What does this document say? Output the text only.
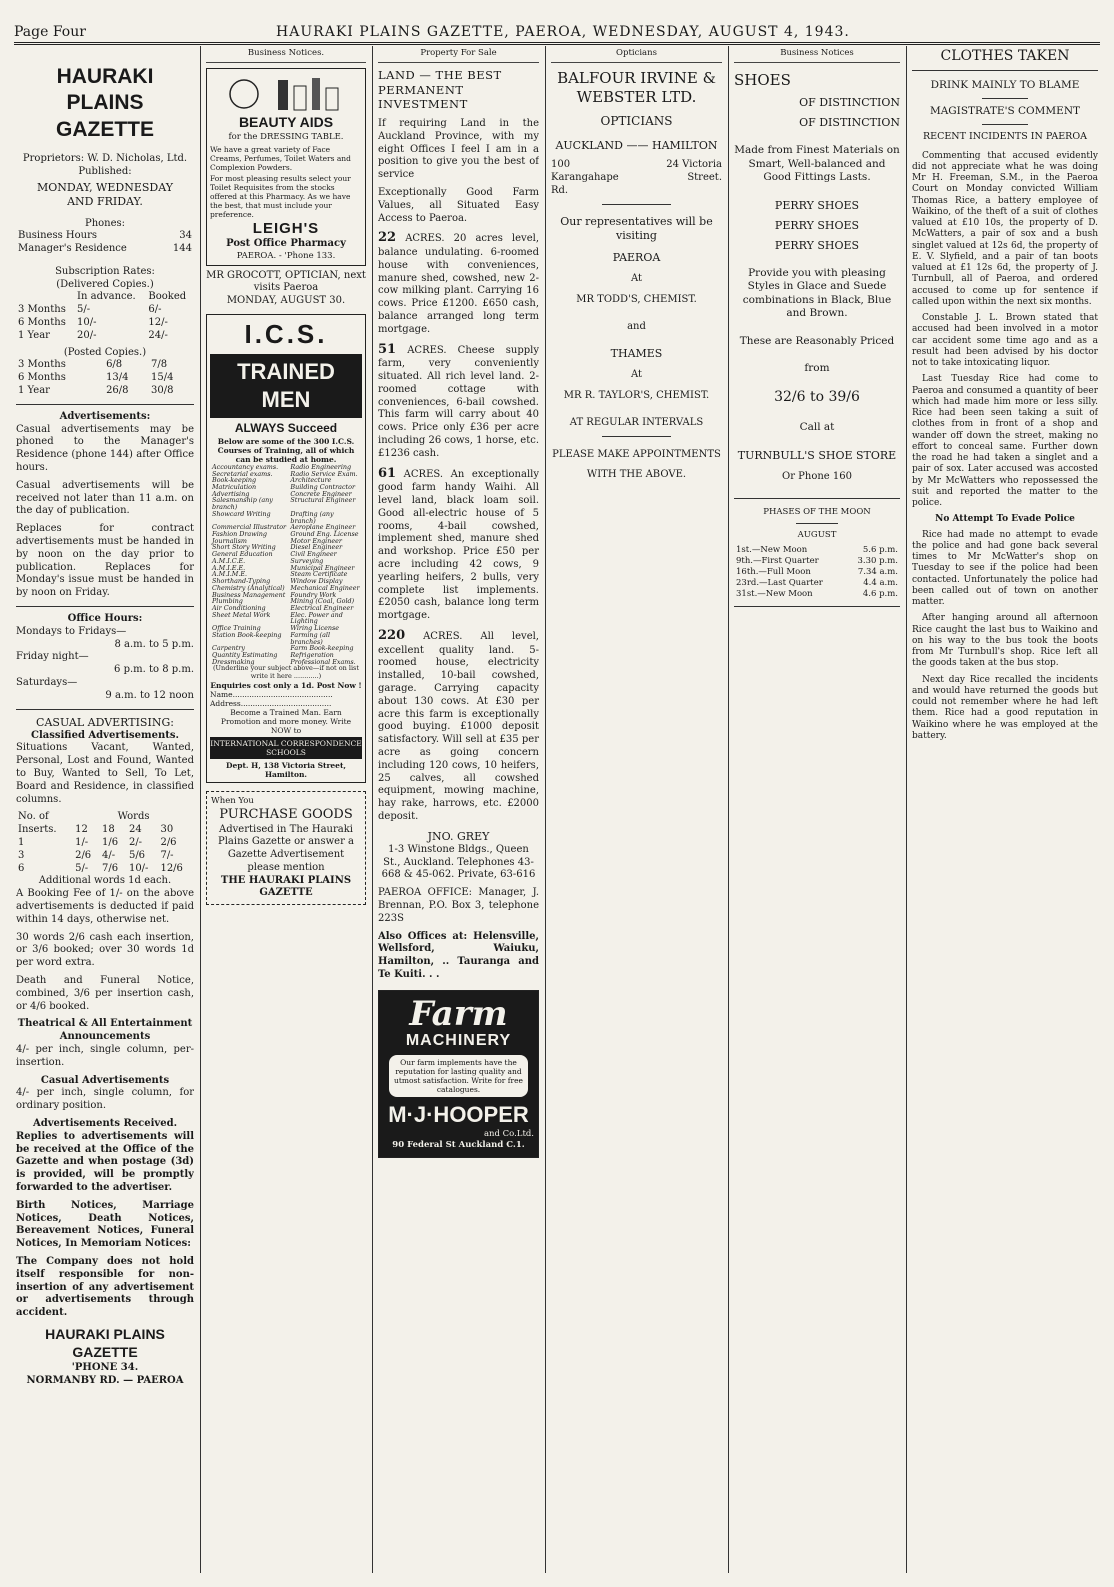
Page Four	HAURAKI PLAINS GAZETTE, PAEROA, WEDNESDAY, AUGUST 4, 1943.
HAURAKI PLAINS GAZETTE
Proprietors: W. D. Nicholas, Ltd.
Published:
MONDAY, WEDNESDAY AND FRIDAY.
Phones:
Business Hours	34
Manager's Residence	144
Subscription Rates:
(Delivered Copies.)
	In advance.	Booked
3 Months	5/-	6/-
6 Months	10/-	12/-
1 Year	20/-	24/-
(Posted Copies.)
3 Months	6/8	7/8
6 Months	13/4	15/4
1 Year	26/8	30/8
Advertisements:

Casual advertisements may be phoned to the Manager's Residence (phone 144) after Office hours.

Casual advertisements will be received not later than 11 a.m. on the day of publication.

Replaces for contract advertisements must be handed in by noon on the day prior to publication. Replaces for Monday's issue must be handed in by noon on Friday.

Office Hours:
Mondays to Fridays—
8 a.m. to 5 p.m.
Friday night—
6 p.m. to 8 p.m.
Saturdays—
9 a.m. to 12 noon
CASUAL ADVERTISING:
Classified Advertisements.

Situations Vacant, Wanted, Personal, Lost and Found, Wanted to Buy, Wanted to Sell, To Let, Board and Residence, in classified columns.

No. of	Words			
Inserts.	12	18	24	30
1	1/-	1/6	2/-	2/6
3	2/6	4/-	5/6	7/-
6	5/-	7/6	10/-	12/6
Additional words 1d each.

A Booking Fee of 1/- on the above advertisements is deducted if paid within 14 days, otherwise net.

30 words 2/6 cash each insertion, or 3/6 booked; over 30 words 1d per word extra.

Death and Funeral Notice, combined, 3/6 per insertion cash, or 4/6 booked.

Theatrical & All Entertainment Announcements

4/- per inch, single column, per-insertion.

Casual Advertisements

4/- per inch, single column, for ordinary position.

Advertisements Received.

Replies to advertisements will be received at the Office of the Gazette and when postage (3d) is provided, will be promptly forwarded to the advertiser.

Birth Notices, Marriage Notices, Death Notices, Bereavement Notices, Funeral Notices, In Memoriam Notices:

The Company does not hold itself responsible for non-insertion of any advertisement or advertisements through accident.

HAURAKI PLAINS GAZETTE
'PHONE 34.
NORMANBY RD. — PAEROA
Business Notices.
BEAUTY AIDS
for the DRESSING TABLE.
We have a great variety of Face Creams, Perfumes, Toilet Waters and Complexion Powders.
For most pleasing results select your Toilet Requisites from the stocks offered at this Pharmacy. As we have the best, that must include your preference.
LEIGH'S
Post Office Pharmacy
PAEROA. - 'Phone 133.
MR GROCOTT, OPTICIAN, next visits Paeroa
MONDAY, AUGUST 30.
I.C.S.
TRAINED MEN
ALWAYS Succeed
Below are some of the 300 I.C.S. Courses of Training, all of which can be studied at home.
Accountancy exams.	Radio Engineering
Secretarial exams.	Radio Service Exam.
Book-keeping	Architecture
Matriculation	Building Contractor
Advertising	Concrete Engineer
Salesmanship (any branch)	Structural Engineer
Showcard Writing	Drafting (any branch)
Commercial Illustrator	Aeroplane Engineer
Fashion Drawing	Ground Eng. License
Journalism	Motor Engineer
Short Story Writing	Diesel Engineer
General Education	Civil Engineer
A.M.I.C.E.	Surveying
A.M.I.E.E.	Municipal Engineer
A.M.I.M.E.	Steam Certificate
Shorthand-Typing	Window Display
Chemistry (Analytical)	Mechanical Engineer
Business Management	Foundry Work
Plumbing	Mining (Coal, Gold)
Air Conditioning	Electrical Engineer
Sheet Metal Work	Elec. Power and Lighting
Office Training	Wiring License
Station Book-keeping	Farming (all branches)
Carpentry	Farm Book-keeping
Quantity Estimating	Refrigeration
Dressmaking	Professional Exams.
(Underline your subject above—if not on list write it here ............)
Enquiries cost only a 1d. Post Now !
Name..........................................
Address......................................
Become a Trained Man. Earn Promotion and more money. Write NOW to
INTERNATIONAL CORRESPONDENCE SCHOOLS
Dept. H, 138 Victoria Street, Hamilton.
When You
PURCHASE GOODS
Advertised in The Hauraki Plains Gazette or answer a Gazette Advertisement please mention
THE HAURAKI PLAINS GAZETTE
Property For Sale
LAND — THE BEST PERMANENT INVESTMENT

If requiring Land in the Auckland Province, with my eight Offices I feel I am in a position to give you the best of service

Exceptionally Good Farm Values, all Situated Easy Access to Paeroa.

22 ACRES. 20 acres level, balance undulating. 6-roomed house with conveniences, manure shed, cowshed, new 2-cow milking plant. Carrying 16 cows. Price £1200. £650 cash, balance arranged long term mortgage.

51 ACRES. Cheese supply farm, very conveniently situated. All rich level land. 2-roomed cottage with conveniences, 6-bail cowshed. This farm will carry about 40 cows. Price only £36 per acre including 26 cows, 1 horse, etc. £1236 cash.

61 ACRES. An exceptionally good farm handy Waihi. All level land, black loam soil. Good all-electric house of 5 rooms, 4-bail cowshed, implement shed, manure shed and workshop. Price £50 per acre including 42 cows, 9 yearling heifers, 2 bulls, very complete list implements. £2050 cash, balance long term mortgage.

220 ACRES. All level, excellent quality land. 5-roomed house, electricity installed, 10-bail cowshed, garage. Carrying capacity about 130 cows. At £30 per acre this farm is exceptionally good buying. £1000 deposit satisfactory. Will sell at £35 per acre as going concern including 120 cows, 10 heifers, 25 calves, all cowshed equipment, mowing machine, hay rake, harrows, etc. £2000 deposit.

JNO. GREY

1-3 Winstone Bldgs., Queen St., Auckland. Telephones 43-668 & 45-062. Private, 63-616

PAEROA OFFICE: Manager, J. Brennan, P.O. Box 3, telephone 223S

Also Offices at: Helensville, Wellsford, Waiuku, Hamilton, .. Tauranga and Te Kuiti. . .

Farm
MACHINERY
Our farm implements have the reputation for lasting quality and utmost satisfaction. Write for free catalogues.
M·J·HOOPER
and Co.Ltd.
90 Federal St Auckland C.1.
Opticians
BALFOUR IRVINE & WEBSTER LTD.
OPTICIANS
AUCKLAND —— HAMILTON
100 Karangahape Rd.
24 Victoria Street.
Our representatives will be visiting
PAEROA
At
MR TODD'S, CHEMIST.
and
THAMES
At
MR R. TAYLOR'S, CHEMIST.
AT REGULAR INTERVALS
PLEASE MAKE APPOINTMENTS WITH THE ABOVE.
Business Notices
SHOES
OF DISTINCTION
OF DISTINCTION
Made from Finest Materials on Smart, Well-balanced and Good Fittings Lasts.
PERRY SHOES
PERRY SHOES
PERRY SHOES
Provide you with pleasing Styles in Glace and Suede combinations in Black, Blue and Brown.
These are Reasonably Priced
from
32/6 to 39/6
Call at
TURNBULL'S SHOE STORE
Or Phone 160
PHASES OF THE MOON
AUGUST
1st.—New Moon	5.6 p.m.
9th.—First Quarter	3.30 p.m.
16th.—Full Moon	7.34 a.m.
23rd.—Last Quarter	4.4 a.m.
31st.—New Moon	4.6 p.m.
CLOTHES TAKEN
DRINK MAINLY TO BLAME
MAGISTRATE'S COMMENT
RECENT INCIDENTS IN PAEROA

Commenting that accused evidently did not appreciate what he was doing Mr H. Freeman, S.M., in the Paeroa Court on Monday convicted William Thomas Rice, a battery employee of Waikino, of the theft of a suit of clothes valued at £10 10s, the property of D. McWatters, a pair of sox and a bush singlet valued at 12s 6d, the property of E. V. Slyfield, and a pair of tan boots valued at £1 12s 6d, the property of J. Turnbull, all of Paeroa, and ordered accused to come up for sentence if called upon within the next six months.

Constable J. L. Brown stated that accused had been involved in a motor car accident some time ago and as a result had been advised by his doctor not to take intoxicating liquor.

Last Tuesday Rice had come to Paeroa and consumed a quantity of beer which had made him more or less silly. Rice had been seen taking a suit of clothes from in front of a shop and wander off down the street, making no effort to conceal same. Further down the road he had taken a singlet and a pair of sox. Later accused was accosted by Mr McWatters who repossessed the suit and reported the matter to the police.

No Attempt To Evade Police

Rice had made no attempt to evade the police and had gone back several times to Mr McWatter's shop on Tuesday to see if the police had been contacted. Unfortunately the police had been called out of town on another matter.

After hanging around all afternoon Rice caught the last bus to Waikino and on his way to the bus took the boots from Mr Turnbull's shop. Rice left all the goods taken at the bus stop.

Next day Rice recalled the incidents and would have returned the goods but could not remember where he had left them. Rice had a good reputation in Waikino where he was employed at the battery.
